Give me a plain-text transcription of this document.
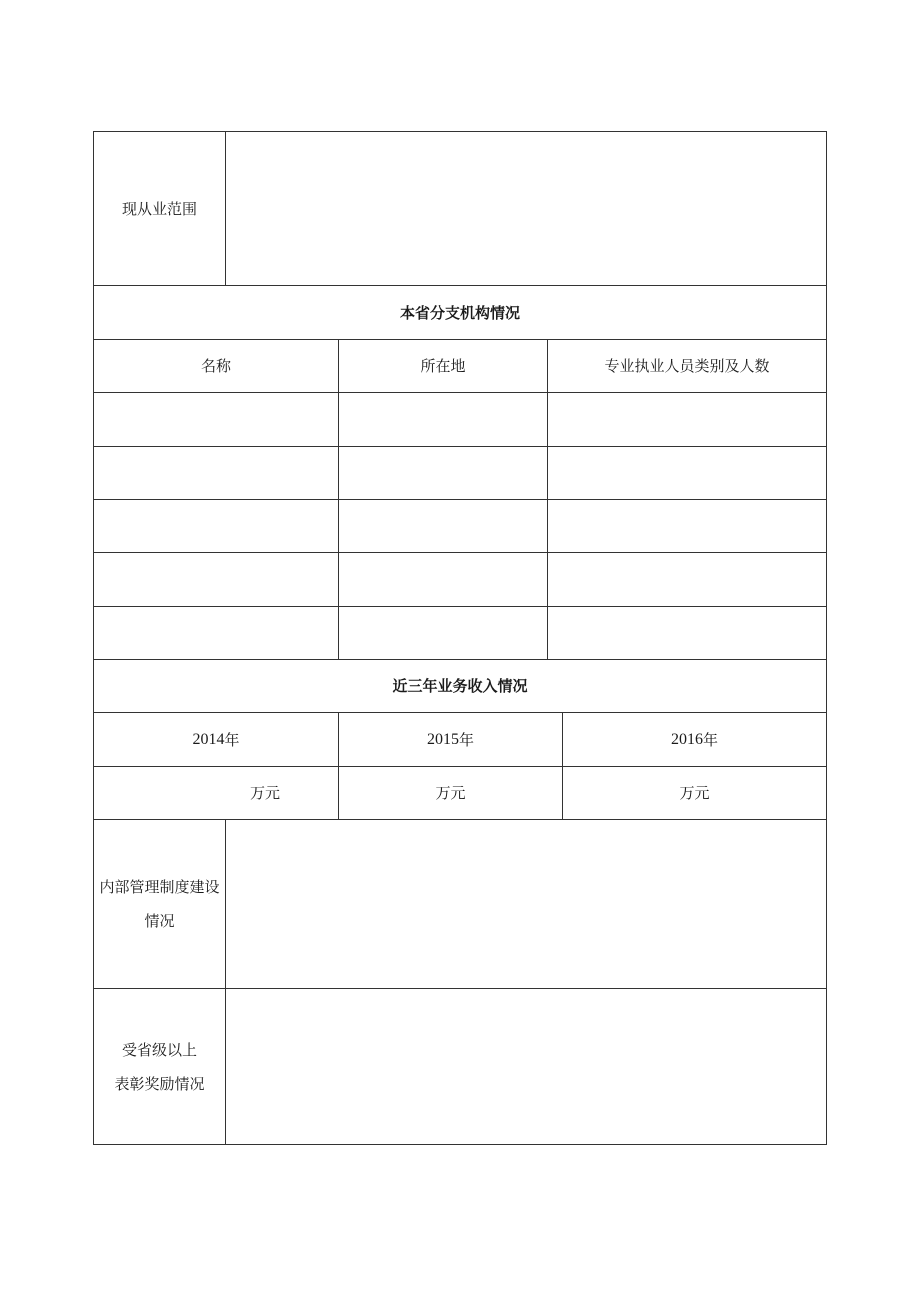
现从业范围
本省分支机构情况
名称	所在地	专业执业人员类别及人数
近三年业务收入情况
2014 年	2015 年	2016 年
万元	万元	万元
内部管理制度建设
情况
受省级以上
表彰奖励情况
